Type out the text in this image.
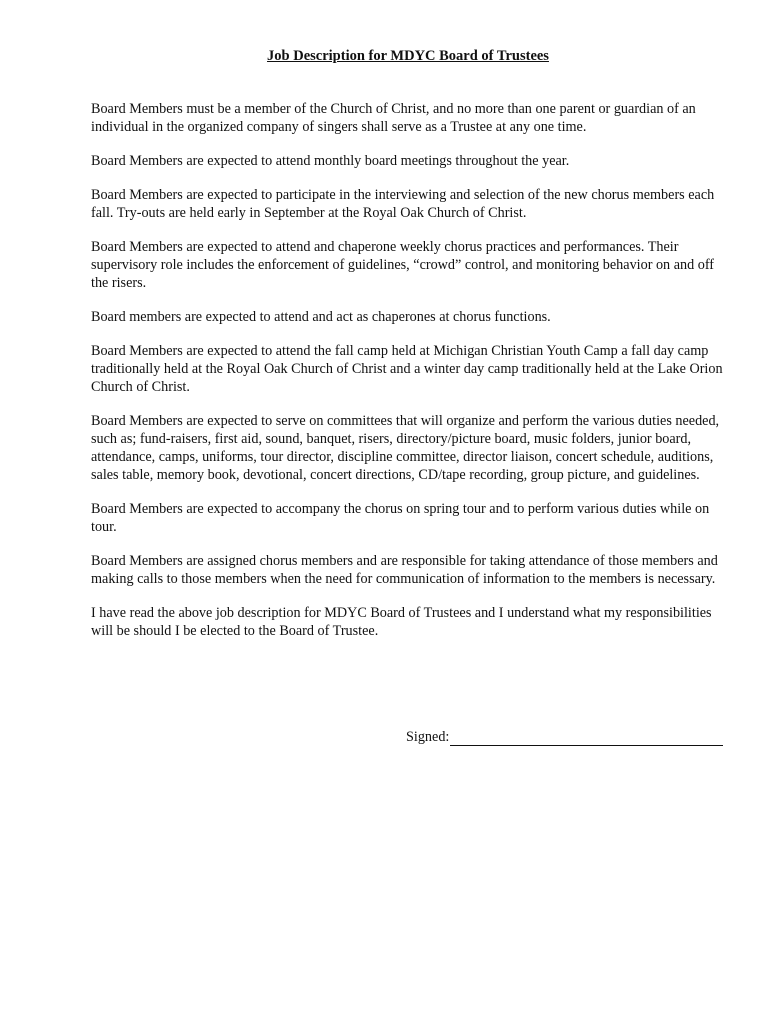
Job Description for MDYC Board of Trustees

Board Members must be a member of the Church of Christ, and no more than one parent or guardian of an individual in the organized company of singers shall serve as a Trustee at any one time.

Board Members are expected to attend monthly board meetings throughout the year.

Board Members are expected to participate in the interviewing and selection of the new chorus members each fall. Try-outs are held early in September at the Royal Oak Church of Christ.

Board Members are expected to attend and chaperone weekly chorus practices and performances. Their supervisory role includes the enforcement of guidelines, “crowd” control, and monitoring behavior on and off the risers.

Board members are expected to attend and act as chaperones at chorus functions.

Board Members are expected to attend the fall camp held at Michigan Christian Youth Camp a fall day camp traditionally held at the Royal Oak Church of Christ and a winter day camp traditionally held at the Lake Orion Church of Christ.

Board Members are expected to serve on committees that will organize and perform the various duties needed, such as; fund-raisers, first aid, sound, banquet, risers, directory/picture board, music folders, junior board, attendance, camps, uniforms, tour director, discipline committee, director liaison, concert schedule, auditions, sales table, memory book, devotional, concert directions, CD/tape recording, group picture, and guidelines.

Board Members are expected to accompany the chorus on spring tour and to perform various duties while on tour.

Board Members are assigned chorus members and are responsible for taking attendance of those members and making calls to those members when the need for communication of information to the members is necessary.

I have read the above job description for MDYC Board of Trustees and I understand what my responsibilities will be should I be elected to the Board of Trustee.

Signed:
